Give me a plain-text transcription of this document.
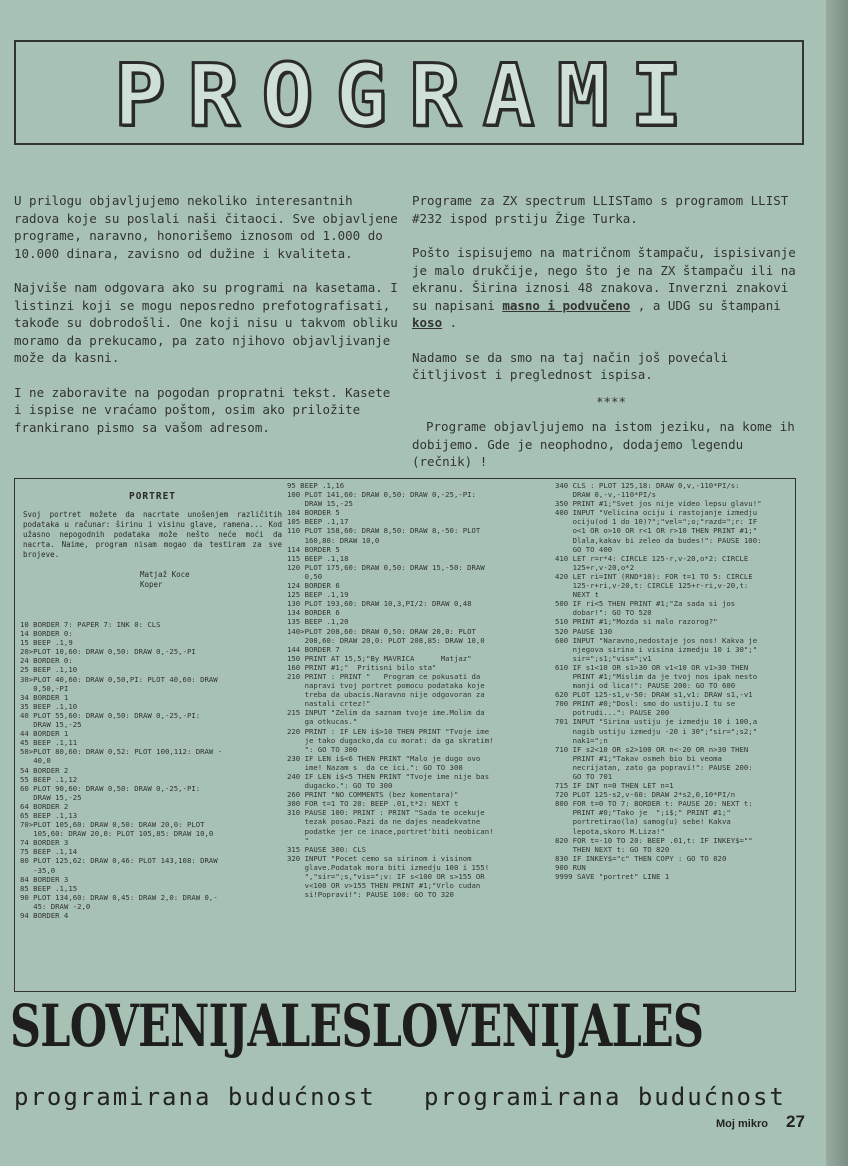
PROGRAMI

U prilogu objavljujemo nekoliko interesantnih radova koje su poslali naši čitaoci. Sve objavljene programe, naravno, honorišemo iznosom od 1.000 do 10.000 dinara, zavisno od dužine i kvaliteta.

Najviše nam odgovara ako su programi na kasetama. I listinzi koji se mogu neposredno prefotografisati, takođe su dobrodošli. One koji nisu u takvom obliku moramo da prekucamo, pa zato njihovo objavljivanje može da kasni.

I ne zaboravite na pogodan propratni tekst. Kasete i ispise ne vraćamo poštom, osim ako priložite frankirano pismo sa vašom adresom.

Programe za ZX spectrum LLISTamo s programom LLIST #232 ispod prstiju Žige Turka.

Pošto ispisujemo na matričnom štampaču, ispisivanje je malo drukčije, nego što je na ZX štampaču ili na ekranu. Širina iznosi 48 znakova. Inverzni znakovi su napisani masno i podvučeno , a UDG su štampani koso .

Nadamo se da smo na taj način još povećali čitljivost i preglednost ispisa.

****

Programe objavljujemo na istom jeziku, na kome ih dobijemo. Gde je neophodno, dodajemo legendu (rečnik) !

PORTRET
Svoj portret možete da nacrtate unošenjem različitih podataka u računar: širinu i visinu glave, ramena... Kod užasno nepogodnih podataka može nešto neće moći da nacrta. Naime, program nisam mogao da testiram za sve brojeve.
Matjaž Koce
Koper
10 BORDER 7: PAPER 7: INK 0: CLS
14 BORDER 0:
15 BEEP .1,9
20>PLOT 10,60: DRAW 0,50: DRAW 0,-25,-PI
24 BORDER 0:
25 BEEP .1,10
30>PLOT 40,60: DRAW 0,50,PI: PLOT 40,60: DRAW
0,50,-PI
34 BORDER 1
35 BEEP .1,10
40 PLOT 55,60: DRAW 0,50: DRAW 0,-25,-PI:
DRAW 15,-25
44 BORDER 1
45 BEEP .1,11
50>PLOT 80,60: DRAW 0,52: PLOT 100,112: DRAW -
40,0
54 BORDER 2
55 BEEP .1,12
60 PLOT 90,60: DRAW 0,50: DRAW 0,-25,-PI:
DRAW 15,-25
64 BORDER 2
65 BEEP .1,13
70>PLOT 105,60: DRAW 0,50: DRAW 20,0: PLOT
105,60: DRAW 20,0: PLOT 105,85: DRAW 10,0
74 BORDER 3
75 BEEP .1,14
80 PLOT 125,62: DRAW 0,46: PLOT 143,108: DRAW
-35,0
84 BORDER 3
85 BEEP .1,15
90 PLOT 134,60: DRAW 0,45: DRAW 2,0: DRAW 0,-
45: DRAW -2,0
94 BORDER 4
95 BEEP .1,16
100 PLOT 141,60: DRAW 0,50: DRAW 0,-25,-PI:
DRAW 15,-25
104 BORDER 5
105 BEEP .1,17
110 PLOT 158,60: DRAW 8,50: DRAW 8,-50: PLOT
160,80: DRAW 10,0
114 BORDER 5
115 BEEP .1,18
120 PLOT 175,60: DRAW 0,50: DRAW 15,-50: DRAW
0,50
124 BORDER 6
125 BEEP .1,19
130 PLOT 193,60: DRAW 10,3,PI/2: DRAW 0,48
134 BORDER 6
135 BEEP .1,20
140>PLOT 208,60: DRAW 0,50: DRAW 20,0: PLOT
208,60: DRAW 20,0: PLOT 208,85: DRAW 10,0
144 BORDER 7
150 PRINT AT 15,5;"By MAVRICA      Matjaz"
160 PRINT #1;"  Pritisni bilo sta"
210 PRINT : PRINT "   Program ce pokusati da
napravi tvoj portret pomocu podataka koje
treba da ubacis.Naravno nije odgovoran za
nastali crtez!"
215 INPUT "Zelim da saznam tvoje ime.Molim da
ga otkucas."
220 PRINT : IF LEN i$>10 THEN PRINT "Tvoje ime
je tako dugacko,da cu morat: da ga skratim!
": GO TO 300
230 IF LEN i$<6 THEN PRINT "Malo je dugo ovo
ime! Nazam s  da ce ici.": GO TO 300
240 IF LEN i$<5 THEN PRINT "Tvoje ime nije bas
dugacko.": GO TO 300
260 PRINT "NO COMMENTS (bez komentara)"
300 FOR t=1 TO 20: BEEP .01,t*2: NEXT t
310 PAUSE 100: PRINT : PRINT "Sada te ocekuje
tezak posao.Pazi da ne dajes neadekvatne
podatke jer ce inace,portret'biti neobican!
"
315 PAUSE 300: CLS
320 INPUT "Pocet cemo sa sirinom i visinom
glave.Podatak mora biti izmedju 100 i 155!
","sir=";s,"vis=";v: IF s<100 OR s>155 OR
v<100 OR v>155 THEN PRINT #1;"Vrlo cudan
si!Popravi!": PAUSE 100: GO TO 320
340 CLS : PLOT 125,18: DRAW 0,v,-110*PI/s:
DRAW 0,-v,-110*PI/s
350 PRINT #1;"Svet jos nije video lepsu glavu!"
400 INPUT "Velicina ociju i rastojanje izmedju
ociju(od 1 do 10)?";"vel=";o;"razd=";r: IF
o<1 OR o>10 OR r<1 OR r>10 THEN PRINT #1;"
Dlala,kakav bi zeleo da budes!": PAUSE 100:
GO TO 400
410 LET r=r*4: CIRCLE 125-r,v-20,o*2: CIRCLE
125+r,v-20,o*2
420 LET ri=INT (RND*10): FOR t=1 TO 5: CIRCLE
125-r+ri,v-20,t: CIRCLE 125+r-ri,v-20,t:
NEXT t
500 IF ri<5 THEN PRINT #1;"Za sada si jos
dobar!": GO TO 520
510 PRINT #1;"Mozda si malo razorog?"
520 PAUSE 130
600 INPUT "Naravno,nedostaje jos nos! Kakva je
njegova sirina i visina izmedju 10 i 30";"
sir=";s1;"vis=";v1
610 IF s1<10 OR s1>30 OR v1<10 OR v1>30 THEN
PRINT #1;"Mislim da je tvoj nos ipak nesto
manji od lica!": PAUSE 200: GO TO 600
620 PLOT 125-s1,v-50: DRAW s1,v1: DRAW s1,-v1
700 PRINT #0;"Dosl: smo do ustiju.I tu se
potrudi...": PAUSE 200
701 INPUT "Sirina ustiju je izmedju 10 i 100,a
nagib ustiju izmedju -20 i 30";"sir=";s2;"
nak1=";n
710 IF s2<10 OR s2>100 OR n<-20 OR n>30 THEN
PRINT #1;"Takav osmeh bio bi veoma
necrijatan, zato ga popravi!": PAUSE 200:
GO TO 701
715 IF INT n=0 THEN LET n=1
720 PLOT 125-s2,v-60: DRAW 2*s2,0,10*PI/n
800 FOR t=0 TO 7: BORDER t: PAUSE 20: NEXT t:
PRINT #0;"Tako je  ";i$;" PRINT #1;"
portretirao(la) samog(u) sebe! Kakva
lepota,skoro M.Liza!"
820 FOR t=-10 TO 20: BEEP .01,t: IF INKEY$=""
THEN NEXT t: GO TO 820
830 IF INKEY$="c" THEN COPY : GO TO 820
900 RUN
9999 SAVE "portret" LINE 1
SLOVENIJALESLOVENIJALES
programirana budućnost programirana budućnost
Moj mikro 27
